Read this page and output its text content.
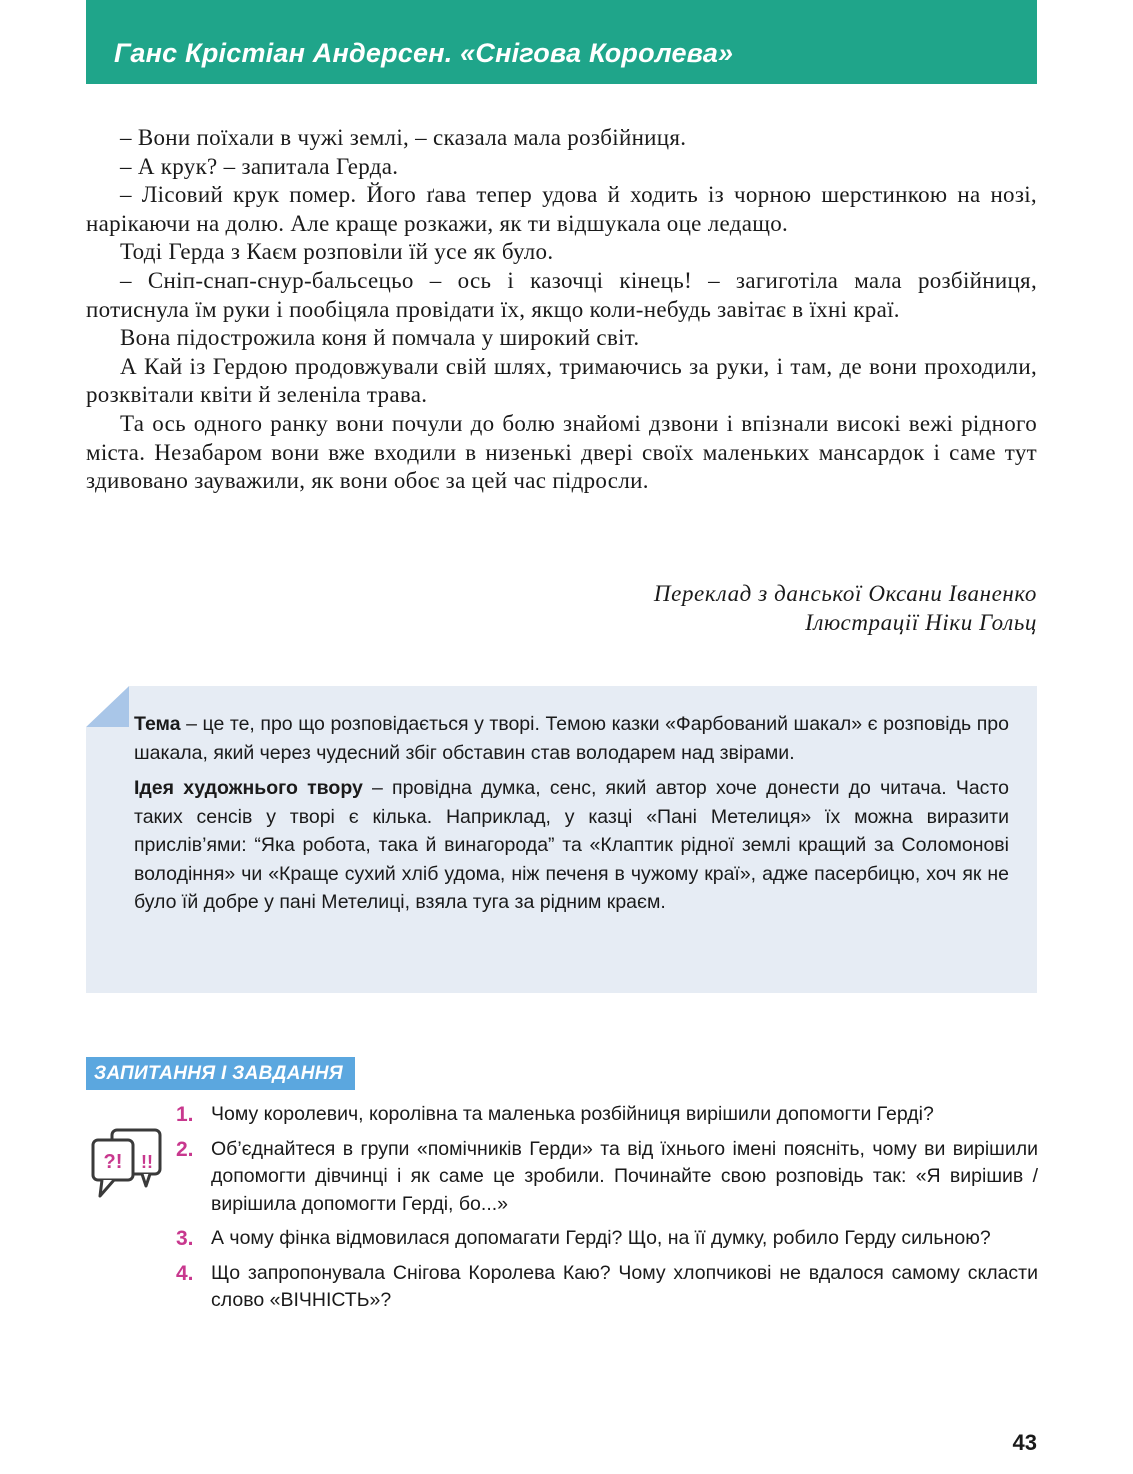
Ганс Крістіан Андерсен. «Снігова Королева»

– Вони поїхали в чужі землі, – сказала мала розбійниця.

– А крук? – запитала Герда.

– Лісовий крук помер. Його ґава тепер удова й ходить із чорною шерстинкою на нозі, нарікаючи на долю. Але краще розкажи, як ти відшукала оце ледащо.

Тоді Герда з Каєм розповіли їй усе як було.

– Сніп-снап-снур-бальсецьо – ось і казочці кінець! – загиготіла мала розбійниця, потиснула їм руки і пообіцяла провідати їх, якщо коли-небудь завітає в їхні краї.

Вона підострожила коня й помчала у широкий світ.

А Кай із Гердою продовжували свій шлях, тримаючись за руки, і там, де вони проходили, розквітали квіти й зеленіла трава.

Та ось одного ранку вони почули до болю знайомі дзвони і впізнали високі вежі рідного міста. Незабаром вони вже входили в низенькі двері своїх маленьких мансардок і саме тут здивовано зауважили, як вони обоє за цей час підросли.

Переклад з данської Оксани Іваненко
Ілюстрації Ніки Гольц

Тема – це те, про що розповідається у творі. Темою казки «Фарбований шакал» є розповідь про шакала, який через чудесний збіг обставин став володарем над звірами.

Ідея художнього твору – провідна думка, сенс, який автор хоче донести до читача. Часто таких сенсів у творі є кілька. Наприклад, у казці «Пані Метелиця» їх можна виразити прислів’ями: “Яка робота, така й винагорода” та «Клаптик рідної землі кращий за Соломонові володіння» чи «Краще сухий хліб удома, ніж печеня в чужому краї», адже пасербицю, хоч як не було їй добре у пані Метелиці, взяла туга за рідним краєм.

ЗАПИТАННЯ І ЗАВДАННЯ
?! !!
1. Чому королевич, королівна та маленька розбійниця вирішили допомогти Герді?
2. Об’єднайтеся в групи «помічників Герди» та від їхнього імені поясніть, чому ви вирішили допомогти дівчинці і як саме це зробили. Починайте свою розповідь так: «Я вирішив / вирішила допомогти Герді, бо...»
3. А чому фінка відмовилася допомагати Герді? Що, на її думку, робило Герду сильною?
4. Що запропонувала Снігова Королева Каю? Чому хлопчикові не вдалося самому скласти слово «ВІЧНІСТЬ»?
43
